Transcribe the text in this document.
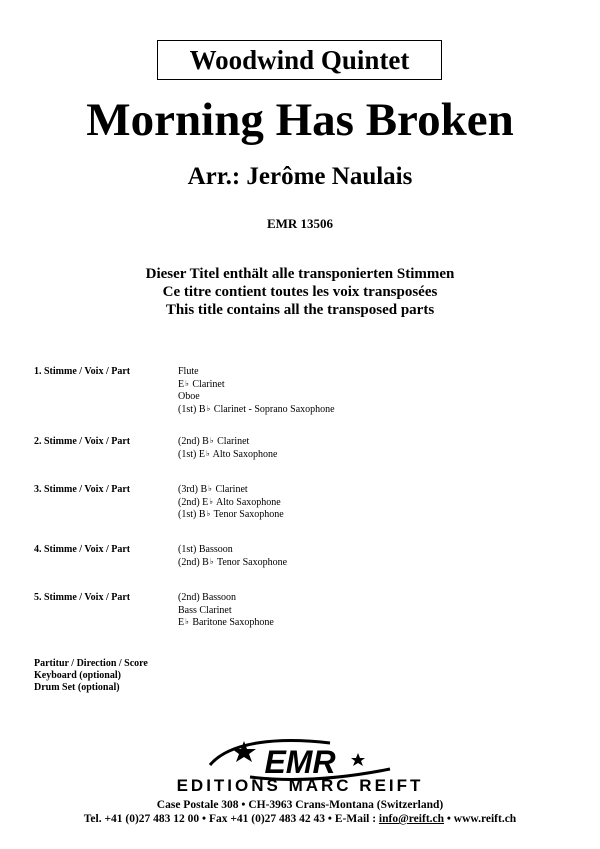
Woodwind Quintet
Morning Has Broken
Arr.: Jerôme Naulais
EMR 13506
Dieser Titel enthält alle transponierten Stimmen
Ce titre contient toutes les voix transposées
This title contains all the transposed parts
1. Stimme / Voix / Part	Flute
E♭ Clarinet
Oboe
(1st) B♭ Clarinet - Soprano Saxophone
2. Stimme / Voix / Part	(2nd) B♭ Clarinet
(1st) E♭ Alto Saxophone
3. Stimme / Voix / Part	(3rd) B♭ Clarinet
(2nd) E♭ Alto Saxophone
(1st) B♭ Tenor Saxophone
4. Stimme / Voix / Part	(1st) Bassoon
(2nd) B♭ Tenor Saxophone
5. Stimme / Voix / Part	(2nd) Bassoon
Bass Clarinet
E♭ Baritone Saxophone
Partitur / Direction / Score
Keyboard (optional)
Drum Set (optional)
EMR
EDITIONS MARC REIFT
Case Postale 308 • CH-3963 Crans-Montana (Switzerland)
Tel. +41 (0)27 483 12 00 • Fax +41 (0)27 483 42 43 • E-Mail : info@reift.ch • www.reift.ch
